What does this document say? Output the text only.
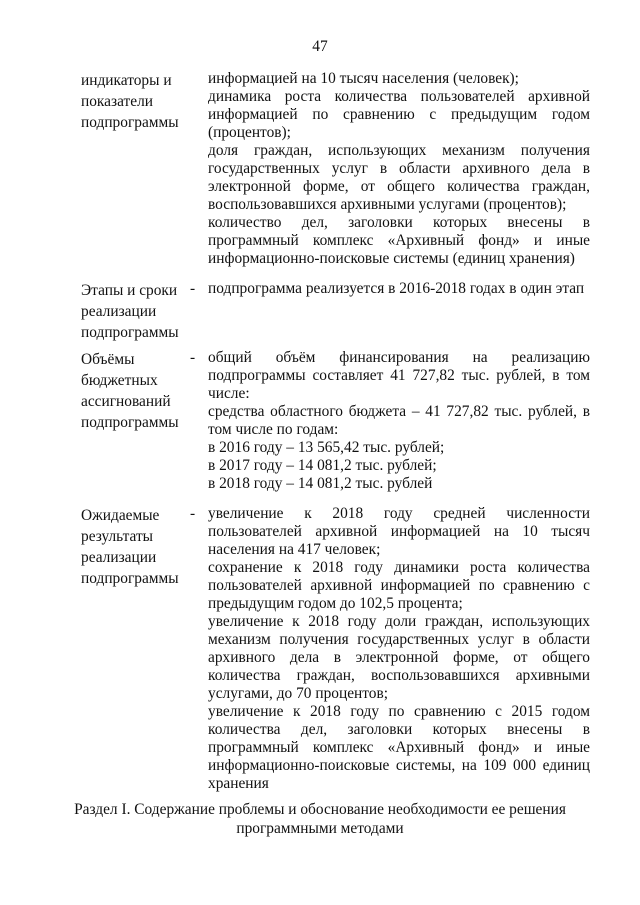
47
индикаторы и показатели подпрограммы

информацией на 10 тысяч населения (человек);

динамика роста количества пользователей архивной информацией по сравнению с предыдущим годом (процентов);

доля граждан, использующих механизм получения государственных услуг в области архивного дела в электронной форме, от общего количества граждан, воспользовавшихся архивными услугами (процентов);

количество дел, заголовки которых внесены в программный комплекс «Архивный фонд» и иные информационно-поисковые системы (единиц хранения)

Этапы и сроки реализации подпрограммы
- подпрограмма реализуется в 2016-2018 годах в один этап

Объёмы бюджетных ассигнований подпрограммы
- общий объём финансирования на реализацию подпрограммы составляет 41 727,82 тыс. рублей, в том числе:

средства областного бюджета – 41 727,82 тыс. рублей, в том числе по годам:

в 2016 году – 13 565,42 тыс. рублей;

в 2017 году – 14 081,2 тыс. рублей;

в 2018 году – 14 081,2 тыс. рублей

Ожидаемые результаты реализации подпрограммы
- увеличение к 2018 году средней численности пользователей архивной информацией на 10 тысяч населения на 417 человек;

сохранение к 2018 году динамики роста количества пользователей архивной информацией по сравнению с предыдущим годом до 102,5 процента;

увеличение к 2018 году доли граждан, использующих механизм получения государственных услуг в области архивного дела в электронной форме, от общего количества граждан, воспользовавшихся архивными услугами, до 70 процентов;

увеличение к 2018 году по сравнению с 2015 годом количества дел, заголовки которых внесены в программный комплекс «Архивный фонд» и иные информационно-поисковые системы, на 109 000 единиц хранения

Раздел I. Содержание проблемы и обоснование необходимости ее решения
программными методами
